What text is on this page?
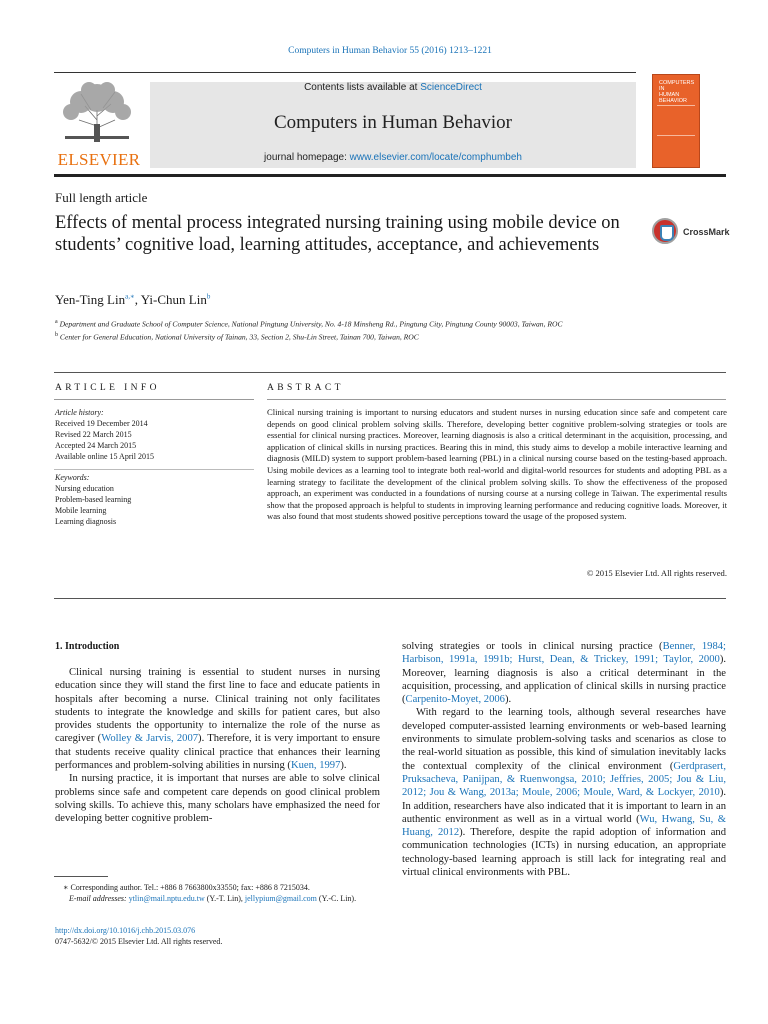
Computers in Human Behavior 55 (2016) 1213–1221
ELSEVIER
Contents lists available at ScienceDirect
Computers in Human Behavior
journal homepage: www.elsevier.com/locate/comphumbeh
COMPUTERS IN
HUMAN BEHAVIOR
Full length article
Effects of mental process integrated nursing training using mobile device on students’ cognitive load, learning attitudes, acceptance, and achievements
CrossMark
Yen-Ting Lin$^{a,∗}$, Yi-Chun Lin$^b$
$^a$ Department and Graduate School of Computer Science, National Pingtung University, No. 4-18 Minsheng Rd., Pingtung City, Pingtung County 90003, Taiwan, ROC
$^b$ Center for General Education, National University of Tainan, 33, Section 2, Shu-Lin Street, Tainan 700, Taiwan, ROC
ARTICLE INFO	ABSTRACT
Article history:
Received 19 December 2014
Revised 22 March 2015
Accepted 24 March 2015
Available online 15 April 2015
Keywords:
Nursing education
Problem-based learning
Mobile learning
Learning diagnosis
Clinical nursing training is important to nursing educators and student nurses in nursing education since safe and competent care depends on good clinical problem solving skills. Therefore, developing better cognitive problem-solving strategies or tools are essential for clinical nursing practices. Moreover, learning diagnosis is also a critical determinant in the acquisition, processing, and application of clinical skills in nursing practices. Bearing this in mind, this study aims to develop a mobile interactive learning and diagnosis (MILD) system to support problem-based learning (PBL) in a clinical nursing course based on the testing-based approach. Using mobile devices as a learning tool to integrate both real-world and digital-world resources for students and adopting PBL as a learning strategy to facilitate the development of the clinical problem solving skills. To show the effectiveness of the proposed approach, an experiment was conducted in a foundations of nursing course at a nursing college in Taiwan. The experimental results show that the proposed approach is helpful to students in improving learning performance and reducing cognitive loads. Moreover, it was also found that most students showed positive perceptions toward the usage of the proposed system.
© 2015 Elsevier Ltd. All rights reserved.
1. Introduction

Clinical nursing training is essential to student nurses in nursing education since they will stand the first line to face and educate patients in hospitals after becoming a nurse. Clinical training not only facilitates students to integrate the knowledge and skills for patient cares, but also provides students the opportunity to internalize the role of the nurse as caregiver (Wolley & Jarvis, 2007). Therefore, it is very important to ensure that students receive quality clinical practice that enhances their learning performances and problem-solving abilities in nursing (Kuen, 1997).

In nursing practice, it is important that nurses are able to solve clinical problems since safe and competent care depends on good clinical problem solving skills. To achieve this, many scholars have emphasized the need for developing better cognitive problem-

solving strategies or tools in clinical nursing practice (Benner, 1984; Harbison, 1991a, 1991b; Hurst, Dean, & Trickey, 1991; Taylor, 2000). Moreover, learning diagnosis is also a critical determinant in the acquisition, processing, and application of clinical skills in nursing practice (Carpenito-Moyet, 2006).

With regard to the learning tools, although several researches have developed computer-assisted learning environments or web-based learning environments to simulate problem-solving tasks and scenarios as close to the real-world situation as possible, this kind of simulation inevitably lacks the contextual complexity of the clinical environment (Gerdprasert, Pruksacheva, Panijpan, & Ruenwongsa, 2010; Jeffries, 2005; Jou & Liu, 2012; Jou & Wang, 2013a; Moule, 2006; Moule, Ward, & Lockyer, 2010). In addition, researchers have also indicated that it is important to learn in an authentic environment as well as in a virtual world (Wu, Hwang, Su, & Huang, 2012). Therefore, despite the rapid adoption of information and communication technologies (ICTs) in nursing education, an appropriate technology-based learning approach is still lack for integrating real and virtual clinical environments with PBL.

∗ Corresponding author. Tel.: +886 8 7663800x33550; fax: +886 8 7215034.
E-mail addresses: ytlin@mail.nptu.edu.tw (Y.-T. Lin), jellypium@gmail.com (Y.-C. Lin).
http://dx.doi.org/10.1016/j.chb.2015.03.076
0747-5632/© 2015 Elsevier Ltd. All rights reserved.
